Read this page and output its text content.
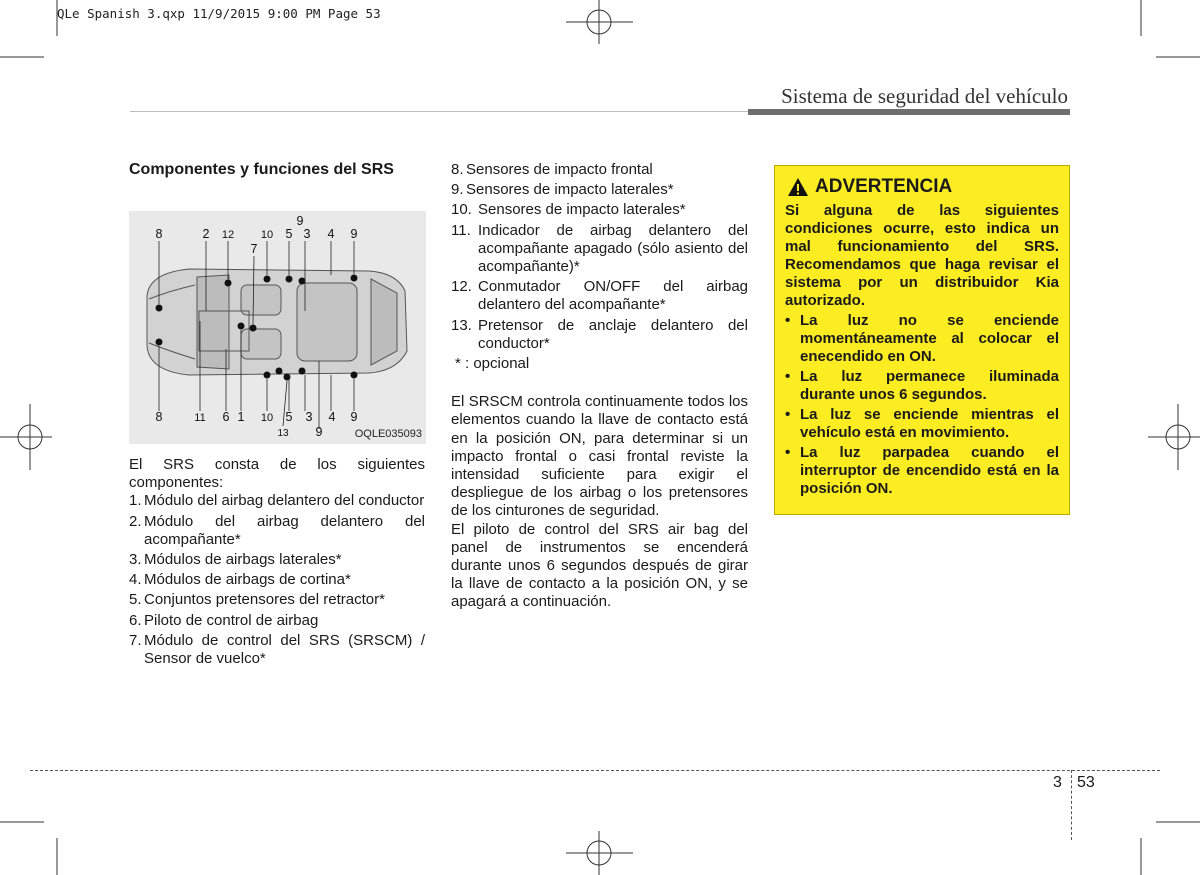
QLe Spanish 3.qxp 11/9/2015 9:00 PM Page 53
Sistema de seguridad del vehículo
Componentes y funciones del SRS
8	2 12 10 5 3 4 9
9
7
8	11 6 1 10 5 3 4 9
13 9	OQLE035093

El SRS consta de los siguientes componentes:

1. Módulo del airbag delantero del conductor
2. Módulo del airbag delantero del acompañante*
3. Módulos de airbags laterales*
4. Módulos de airbags de cortina*
5. Conjuntos pretensores del retractor*
6. Piloto de control de airbag
7. Módulo de control del SRS (SRSCM) / Sensor de vuelco*
8. Sensores de impacto frontal
9. Sensores de impacto laterales*
10. Sensores de impacto laterales*
11. Indicador de airbag delantero del acompañante apagado (sólo asiento del acompañante)*
12. Conmutador ON/OFF del airbag delantero del acompañante*
13. Pretensor de anclaje delantero del conductor*

* : opcional

El SRSCM controla continuamente todos los elementos cuando la llave de contacto está en la posición ON, para determinar si un impacto frontal o casi frontal reviste la intensidad suficiente para exigir el despliegue de los airbag o los pretensores de los cinturones de seguridad.

El piloto de control del SRS air bag del panel de instrumentos se encenderá durante unos 6 segundos después de girar la llave de contacto a la posición ON, y se apagará a continuación.

ADVERTENCIA

Si alguna de las siguientes condiciones ocurre, esto indica un mal funcionamiento del SRS. Recomendamos que haga revisar el sistema por un distribuidor Kia autorizado.

• La luz no se enciende momentáneamente al colocar el enecendido en ON.
• La luz permanece iluminada durante unos 6 segundos.
• La luz se enciende mientras el vehículo está en movimiento.
• La luz parpadea cuando el interruptor de encendido está en la posición ON.
3 53
